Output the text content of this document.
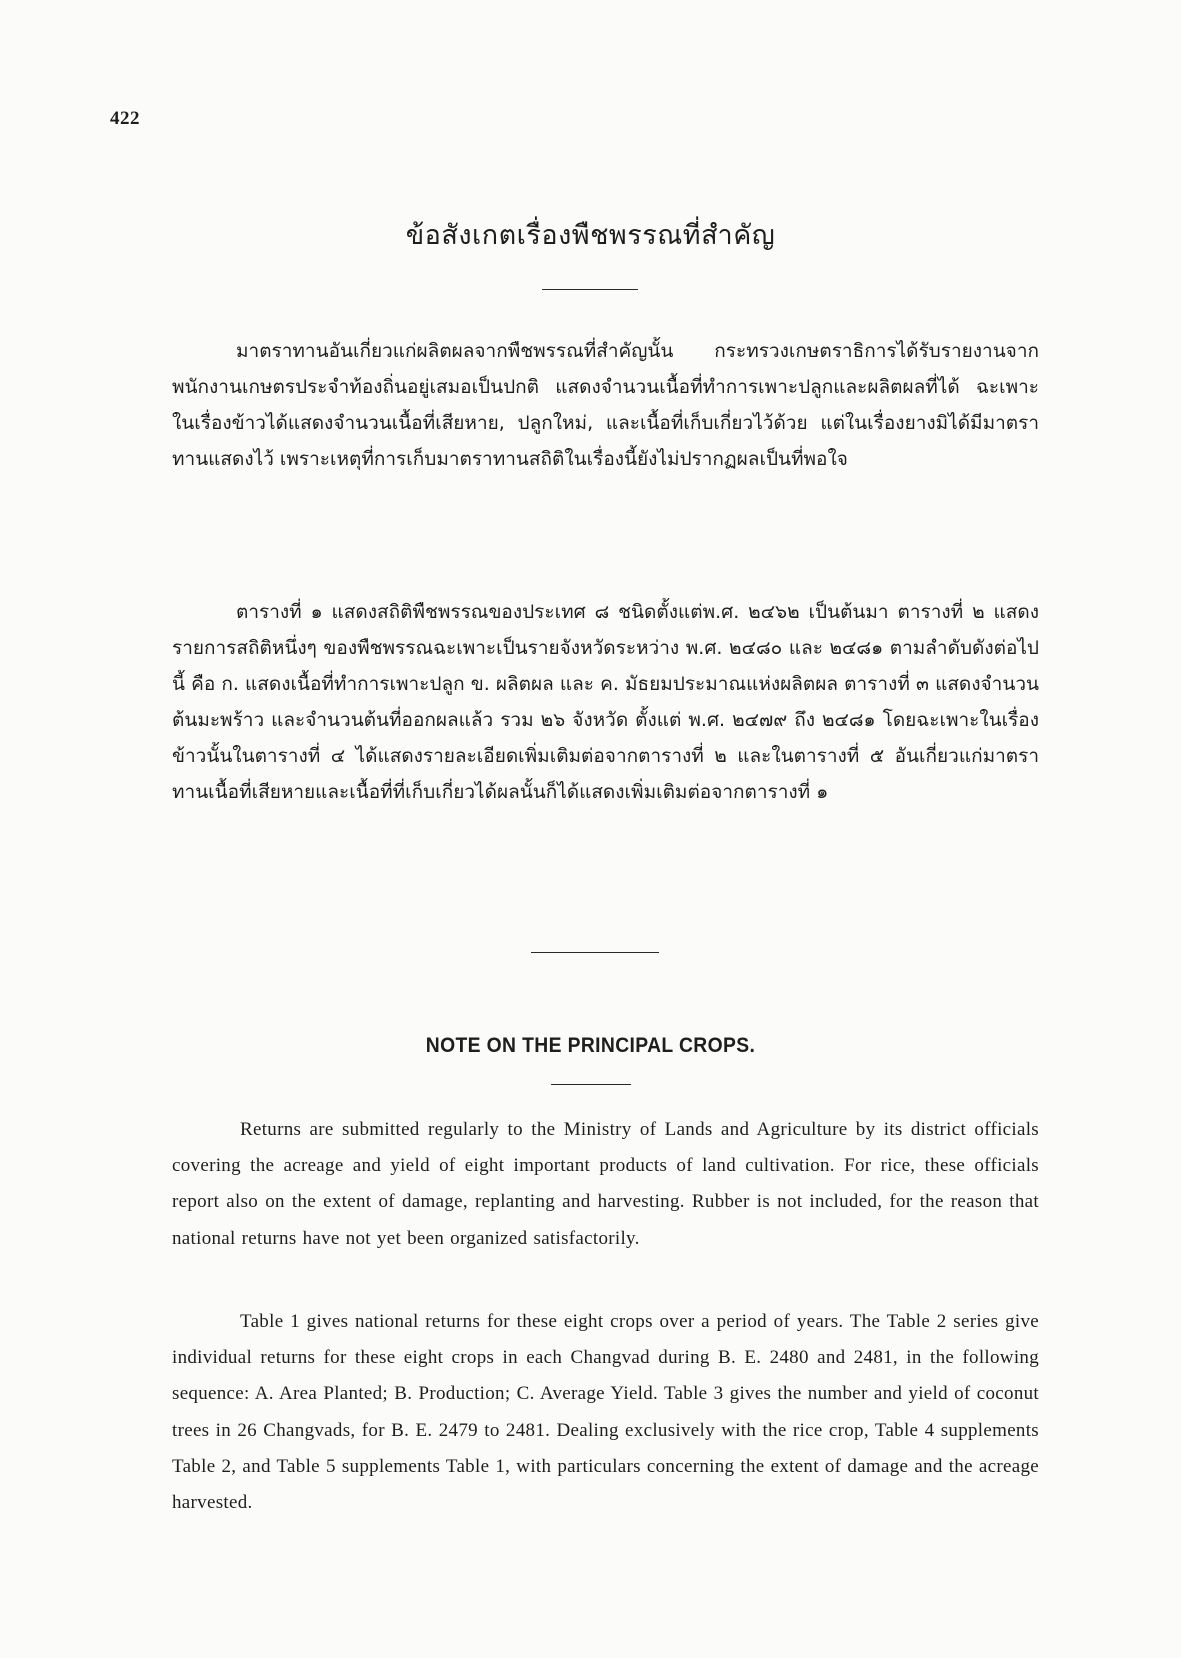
422
ข้อสังเกตเรื่องพืชพรรณที่สำคัญ

มาตราทานอันเกี่ยวแก่ผลิตผลจากพืชพรรณที่สำคัญนั้น กระทรวงเกษตราธิการได้รับรายงานจากพนักงานเกษตรประจำท้องถิ่นอยู่เสมอเป็นปกติ แสดงจำนวนเนื้อที่ทำการเพาะปลูกและผลิตผลที่ได้ ฉะเพาะในเรื่องข้าวได้แสดงจำนวนเนื้อที่เสียหาย, ปลูกใหม่, และเนื้อที่เก็บเกี่ยวไว้ด้วย แต่ในเรื่องยางมิได้มีมาตราทานแสดงไว้ เพราะเหตุที่การเก็บมาตราทานสถิติในเรื่องนี้ยังไม่ปรากฏผลเป็นที่พอใจ

ตารางที่ ๑ แสดงสถิติพืชพรรณของประเทศ ๘ ชนิดตั้งแต่พ.ศ. ๒๔๖๒ เป็นต้นมา ตารางที่ ๒ แสดงรายการสถิติหนึ่งๆ ของพืชพรรณฉะเพาะเป็นรายจังหวัดระหว่าง พ.ศ. ๒๔๘๐ และ ๒๔๘๑ ตามลำดับดังต่อไปนี้ คือ ก. แสดงเนื้อที่ทำการเพาะปลูก ข. ผลิตผล และ ค. มัธยมประมาณแห่งผลิตผล ตารางที่ ๓ แสดงจำนวนต้นมะพร้าว และจำนวนต้นที่ออกผลแล้ว รวม ๒๖ จังหวัด ตั้งแต่ พ.ศ. ๒๔๗๙ ถึง ๒๔๘๑ โดยฉะเพาะในเรื่องข้าวนั้นในตารางที่ ๔ ได้แสดงรายละเอียดเพิ่มเติมต่อจากตารางที่ ๒ และในตารางที่ ๕ อันเกี่ยวแก่มาตราทานเนื้อที่เสียหายและเนื้อที่ที่เก็บเกี่ยวได้ผลนั้นก็ได้แสดงเพิ่มเติมต่อจากตารางที่ ๑

NOTE ON THE PRINCIPAL CROPS.

Returns are submitted regularly to the Ministry of Lands and Agriculture by its district officials covering the acreage and yield of eight important products of land cultivation. For rice, these officials report also on the extent of damage, replanting and harvesting. Rubber is not included, for the reason that national returns have not yet been organized satisfactorily.

Table 1 gives national returns for these eight crops over a period of years. The Table 2 series give individual returns for these eight crops in each Changvad during B. E. 2480 and 2481, in the following sequence: A. Area Planted; B. Production; C. Average Yield. Table 3 gives the number and yield of coconut trees in 26 Changvads, for B. E. 2479 to 2481. Dealing exclusively with the rice crop, Table 4 supplements Table 2, and Table 5 supplements Table 1, with particulars concerning the extent of damage and the acreage harvested.
